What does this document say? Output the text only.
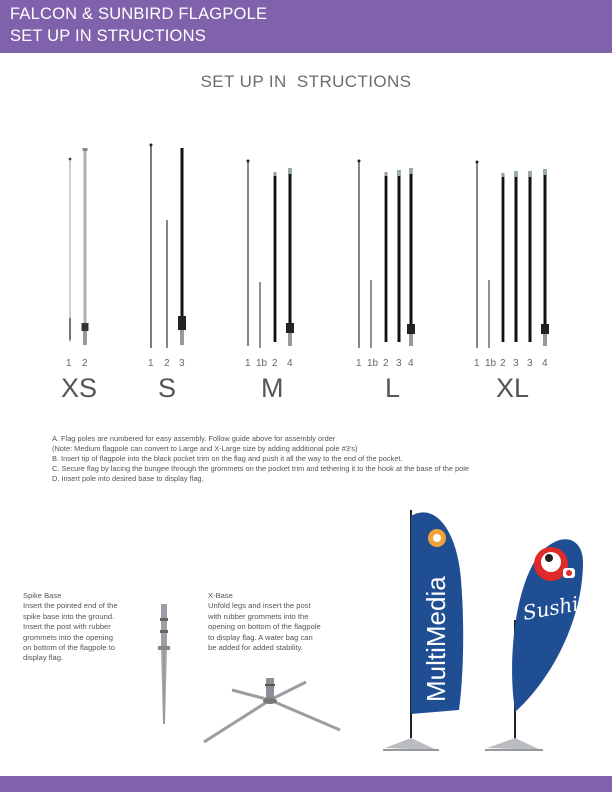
FALCON & SUNBIRD FLAGPOLE
SET UP IN STRUCTIONS
SET UP IN  STRUCTIONS
1 2	1 2 3	1 1b 2 4	1 1b 2 3 4	1 1b 2 3 3 4
XS S	M	L	XL
A. Flag poles are numbered for easy assembly. Follow guide above for assembly order
(Note: Medium flagpole can convert to Large and X-Large size by adding additional pole #3's)
B. Insert tip of flagpole into the black pocket trim on the flag and push it all the way to the end of the pocket.
C. Secure flag by lacing the bungee through the grommets on the pocket trim and tethering it to the hook at the base of the pole
D. Insert pole into desired base to display flag.
Spike Base
Insert the pointed end of the
spike base into the ground.
Insert the post with rubber
grommets into the opening
on bottom of the flagpole to
display flag.
X-Base
Unfold legs and insert the post
with rubber grommets into the
opening on bottom of the flagpole
to display flag. A water bag can
be added for added stability.	MultiMedia	Sushi
